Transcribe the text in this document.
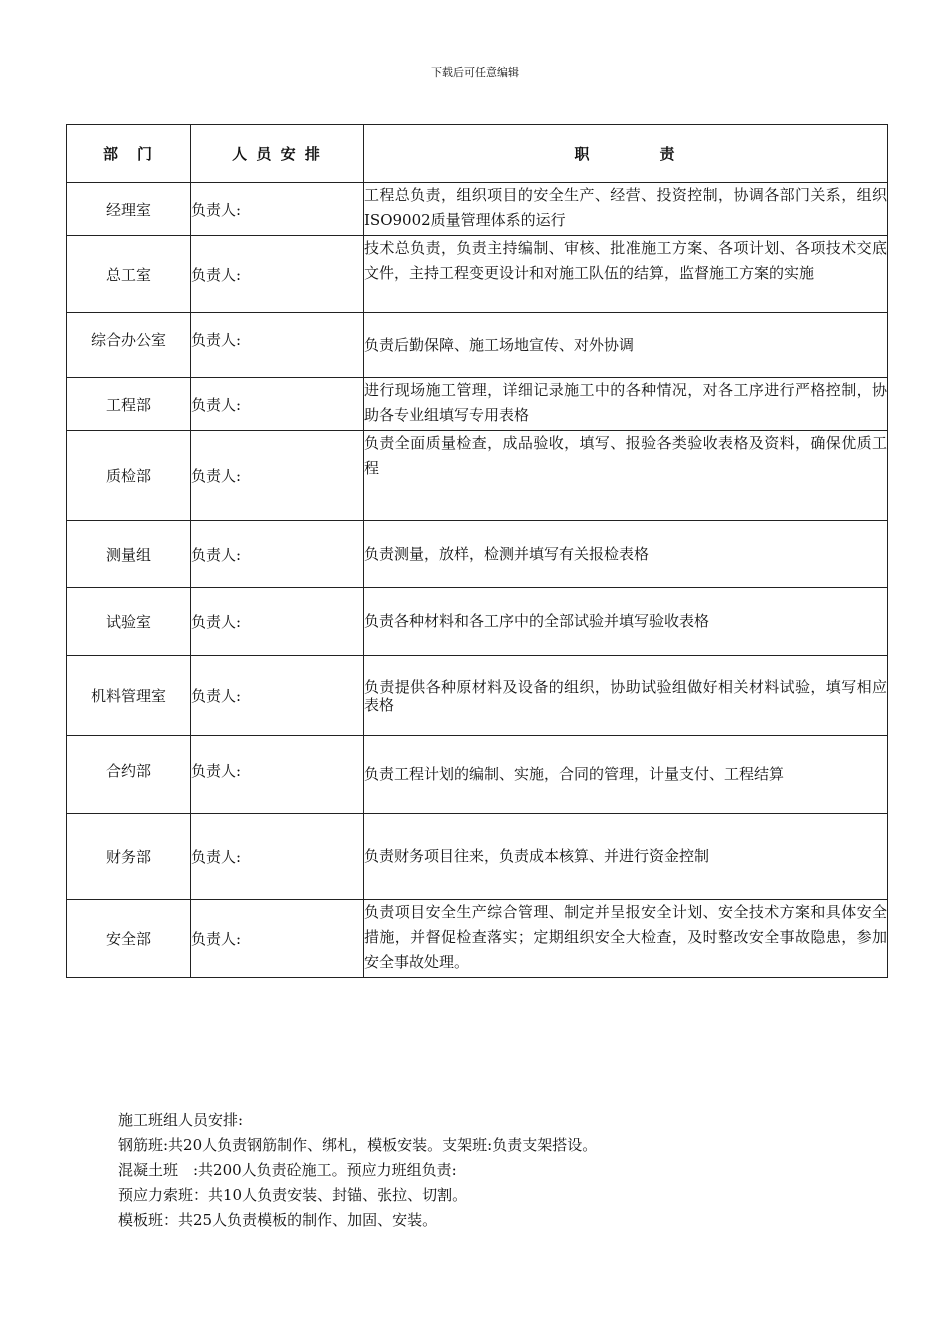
下载后可任意编辑
部　门	人 员 安 排	职　　　　责
经理室	负责人:	工程总负责，组织项目的安全生产、经营、投资控制，协调各部门关系，组织ISO9002质量管理体系的运行
总工室	负责人:	技术总负责，负责主持编制、审核、批准施工方案、各项计划、各项技术交底文件，主持工程变更设计和对施工队伍的结算，监督施工方案的实施
综合办公室	负责人:	负责后勤保障、施工场地宣传、对外协调
工程部	负责人:	进行现场施工管理，详细记录施工中的各种情况，对各工序进行严格控制，协助各专业组填写专用表格
质检部	负责人:	负责全面质量检查，成品验收，填写、报验各类验收表格及资料，确保优质工程
测量组	负责人:	负责测量，放样，检测并填写有关报检表格
试验室	负责人:	负责各种材料和各工序中的全部试验并填写验收表格
机料管理室	负责人:	负责提供各种原材料及设备的组织，协助试验组做好相关材料试验，填写相应表格
合约部	负责人:	负责工程计划的编制、实施，合同的管理，计量支付、工程结算
财务部	负责人:	负责财务项目往来，负责成本核算、并进行资金控制
安全部	负责人:	负责项目安全生产综合管理、制定并呈报安全计划、安全技术方案和具体安全措施，并督促检查落实；定期组织安全大检查，及时整改安全事故隐患，参加安全事故处理。
施工班组人员安排:
钢筋班:共20人负责钢筋制作、绑札，模板安装。支架班:负责支架搭设。
混凝土班　:共200人负责砼施工。预应力班组负责:
预应力索班：共10人负责安装、封锚、张拉、切割。
模板班：共25人负责模板的制作、加固、安装。
